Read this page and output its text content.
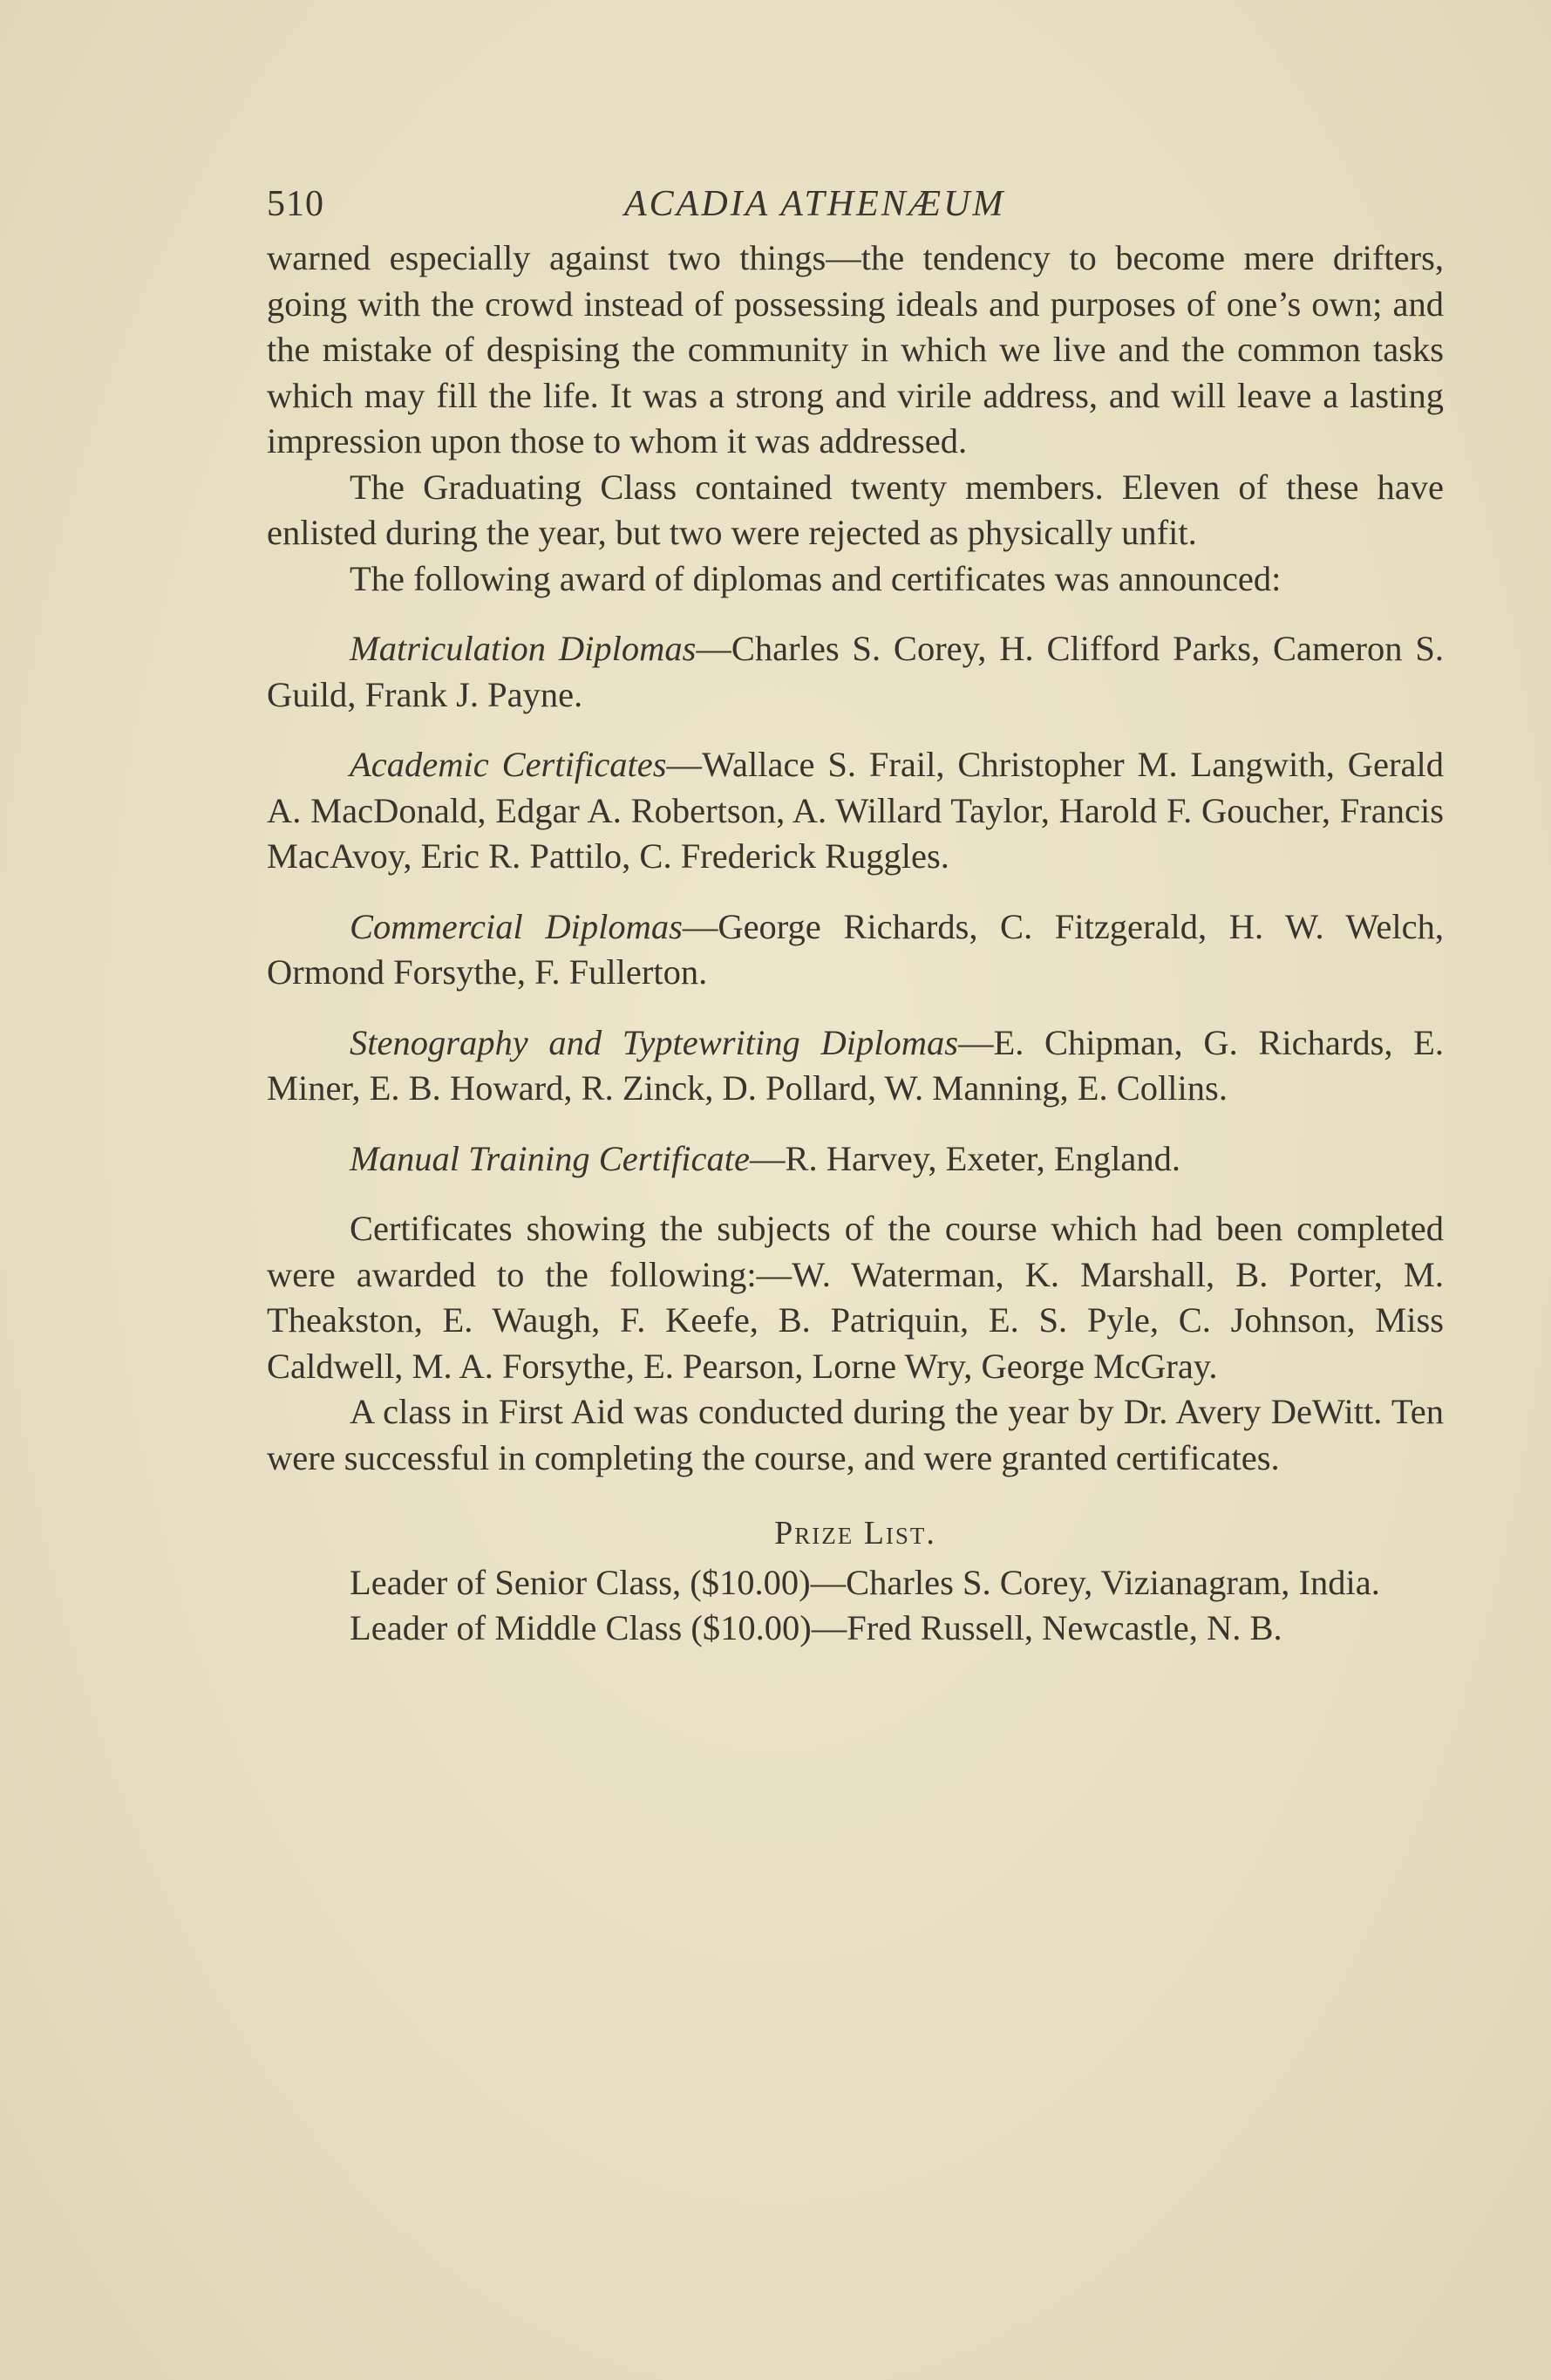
510	ACADIA ATHENÆUM

warned especially against two things—the tendency to become mere drifters, going with the crowd instead of possessing ideals and purposes of one’s own; and the mistake of despising the community in which we live and the common tasks which may fill the life. It was a strong and virile address, and will leave a lasting impression upon those to whom it was addressed.

The Graduating Class contained twenty members. Eleven of these have enlisted during the year, but two were rejected as physically unfit.

The following award of diplomas and certificates was announced:

Matriculation Diplomas—Charles S. Corey, H. Clifford Parks, Cameron S. Guild, Frank J. Payne.

Academic Certificates—Wallace S. Frail, Christopher M. Langwith, Gerald A. MacDonald, Edgar A. Robertson, A. Willard Taylor, Harold F. Goucher, Francis MacAvoy, Eric R. Pattilo, C. Frederick Ruggles.

Commercial Diplomas—George Richards, C. Fitzgerald, H. W. Welch, Ormond Forsythe, F. Fullerton.

Stenography and Typtewriting Diplomas—E. Chipman, G. Richards, E. Miner, E. B. Howard, R. Zinck, D. Pollard, W. Manning, E. Collins.

Manual Training Certificate—R. Harvey, Exeter, England.

Certificates showing the subjects of the course which had been completed were awarded to the following:—W. Waterman, K. Marshall, B. Porter, M. Theakston, E. Waugh, F. Keefe, B. Patriquin, E. S. Pyle, C. Johnson, Miss Caldwell, M. A. Forsythe, E. Pearson, Lorne Wry, George McGray.

A class in First Aid was conducted during the year by Dr. Avery DeWitt. Ten were successful in completing the course, and were granted certificates.

Prize List.

Leader of Senior Class, ($10.00)—Charles S. Corey, Vizianagram, India.

Leader of Middle Class ($10.00)—Fred Russell, Newcastle, N. B.
